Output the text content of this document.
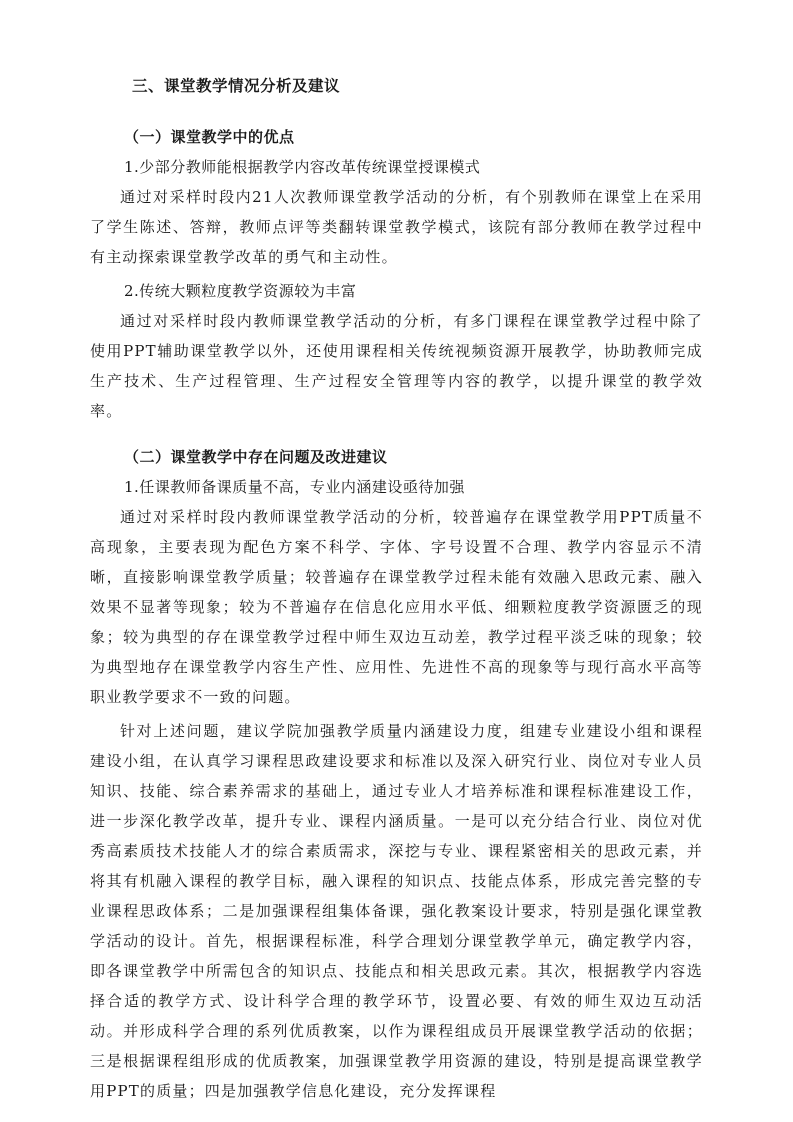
三、课堂教学情况分析及建议
（一）课堂教学中的优点
1.少部分教师能根据教学内容改革传统课堂授课模式

通过对采样时段内21人次教师课堂教学活动的分析，有个别教师在课堂上在采用了学生陈述、答辩，教师点评等类翻转课堂教学模式，该院有部分教师在教学过程中有主动探索课堂教学改革的勇气和主动性。

2.传统大颗粒度教学资源较为丰富

通过对采样时段内教师课堂教学活动的分析，有多门课程在课堂教学过程中除了使用PPT辅助课堂教学以外，还使用课程相关传统视频资源开展教学，协助教师完成生产技术、生产过程管理、生产过程安全管理等内容的教学，以提升课堂的教学效率。

（二）课堂教学中存在问题及改进建议
1.任课教师备课质量不高，专业内涵建设亟待加强

通过对采样时段内教师课堂教学活动的分析，较普遍存在课堂教学用PPT质量不高现象，主要表现为配色方案不科学、字体、字号设置不合理、教学内容显示不清晰，直接影响课堂教学质量；较普遍存在课堂教学过程未能有效融入思政元素、融入效果不显著等现象；较为不普遍存在信息化应用水平低、细颗粒度教学资源匮乏的现象；较为典型的存在课堂教学过程中师生双边互动差，教学过程平淡乏味的现象；较为典型地存在课堂教学内容生产性、应用性、先进性不高的现象等与现行高水平高等职业教学要求不一致的问题。

针对上述问题，建议学院加强教学质量内涵建设力度，组建专业建设小组和课程建设小组，在认真学习课程思政建设要求和标准以及深入研究行业、岗位对专业人员知识、技能、综合素养需求的基础上，通过专业人才培养标准和课程标准建设工作，进一步深化教学改革，提升专业、课程内涵质量。一是可以充分结合行业、岗位对优秀高素质技术技能人才的综合素质需求，深挖与专业、课程紧密相关的思政元素，并将其有机融入课程的教学目标，融入课程的知识点、技能点体系，形成完善完整的专业课程思政体系；二是加强课程组集体备课，强化教案设计要求，特别是强化课堂教学活动的设计。首先，根据课程标准，科学合理划分课堂教学单元，确定教学内容，即各课堂教学中所需包含的知识点、技能点和相关思政元素。其次，根据教学内容选择合适的教学方式、设计科学合理的教学环节，设置必要、有效的师生双边互动活动。并形成科学合理的系列优质教案，以作为课程组成员开展课堂教学活动的依据；三是根据课程组形成的优质教案，加强课堂教学用资源的建设，特别是提高课堂教学用PPT的质量；四是加强教学信息化建设，充分发挥课程
